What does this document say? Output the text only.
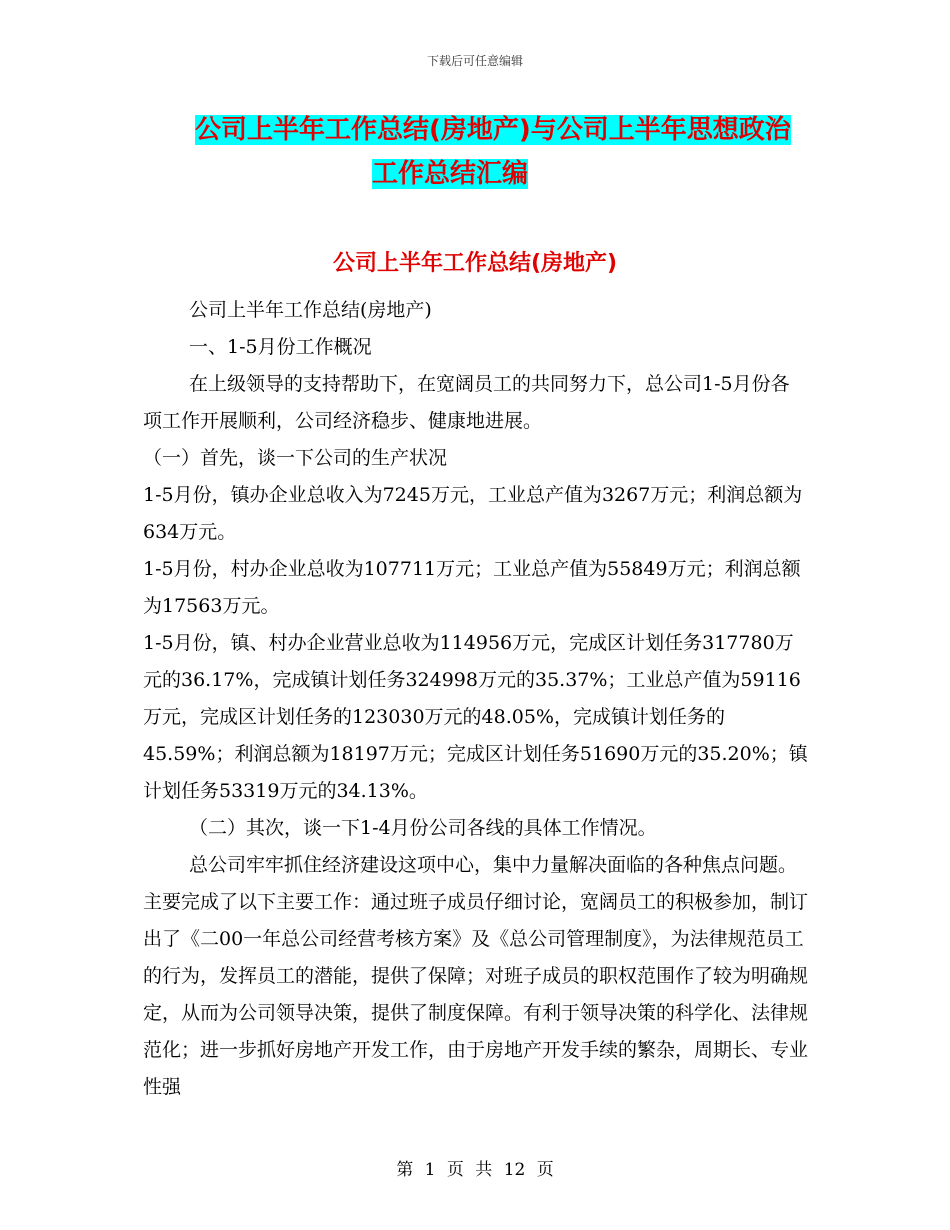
下载后可任意编辑
公司上半年工作总结(房地产)与公司上半年思想政治
工作总结汇编
公司上半年工作总结(房地产)

公司上半年工作总结(房地产)

一、1-5月份工作概况

在上级领导的支持帮助下，在宽阔员工的共同努力下，总公司1-5月份各项工作开展顺利，公司经济稳步、健康地进展。

（一）首先，谈一下公司的生产状况

1-5月份，镇办企业总收入为7245万元，工业总产值为3267万元；利润总额为634万元。

1-5月份，村办企业总收为107711万元；工业总产值为55849万元；利润总额为17563万元。

1-5月份，镇、村办企业营业总收为114956万元，完成区计划任务317780万元的36.17%，完成镇计划任务324998万元的35.37%；工业总产值为59116万元，完成区计划任务的123030万元的48.05%，完成镇计划任务的45.59%；利润总额为18197万元；完成区计划任务51690万元的35.20%；镇计划任务53319万元的34.13%。

（二）其次，谈一下1-4月份公司各线的具体工作情况。

总公司牢牢抓住经济建设这项中心，集中力量解决面临的各种焦点问题。主要完成了以下主要工作：通过班子成员仔细讨论，宽阔员工的积极参加，制订出了《二00一年总公司经营考核方案》及《总公司管理制度》，为法律规范员工的行为，发挥员工的潜能，提供了保障；对班子成员的职权范围作了较为明确规定，从而为公司领导决策，提供了制度保障。有利于领导决策的科学化、法律规范化；进一步抓好房地产开发工作，由于房地产开发手续的繁杂，周期长、专业性强

第 1 页 共 12 页
